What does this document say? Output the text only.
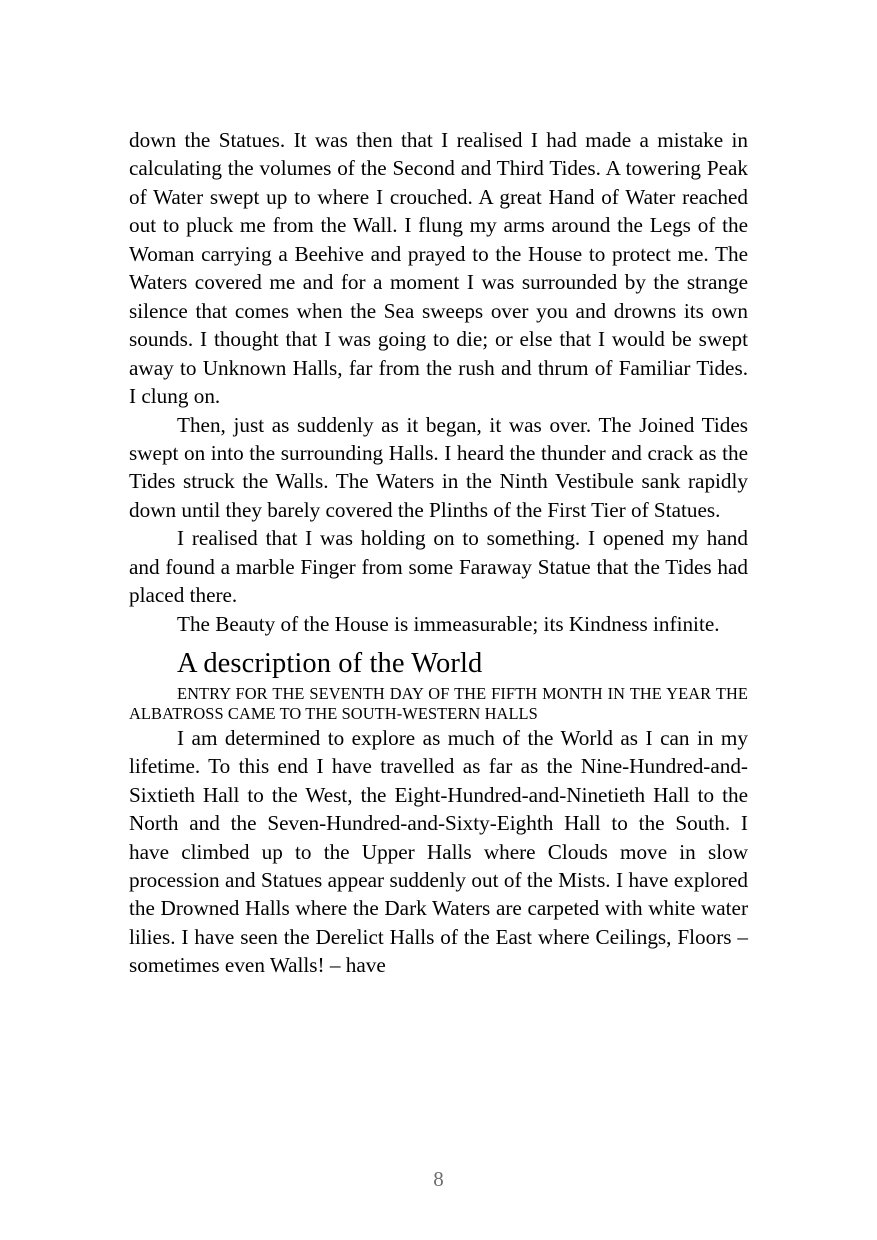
down the Statues. It was then that I realised I had made a mistake in calculating the volumes of the Second and Third Tides. A towering Peak of Water swept up to where I crouched. A great Hand of Water reached out to pluck me from the Wall. I flung my arms around the Legs of the Woman carrying a Beehive and prayed to the House to protect me. The Waters covered me and for a moment I was surrounded by the strange silence that comes when the Sea sweeps over you and drowns its own sounds. I thought that I was going to die; or else that I would be swept away to Unknown Halls, far from the rush and thrum of Familiar Tides. I clung on.

Then, just as suddenly as it began, it was over. The Joined Tides swept on into the surrounding Halls. I heard the thunder and crack as the Tides struck the Walls. The Waters in the Ninth Vestibule sank rapidly down until they barely covered the Plinths of the First Tier of Statues.

I realised that I was holding on to something. I opened my hand and found a marble Finger from some Faraway Statue that the Tides had placed there.

The Beauty of the House is immeasurable; its Kindness infinite.

A description of the World

ENTRY FOR THE SEVENTH DAY OF THE FIFTH MONTH IN THE YEAR THE ALBATROSS CAME TO THE SOUTH-WESTERN HALLS

I am determined to explore as much of the World as I can in my lifetime. To this end I have travelled as far as the Nine-Hundred-and-Sixtieth Hall to the West, the Eight-Hundred-and-Ninetieth Hall to the North and the Seven-Hundred-and-Sixty-Eighth Hall to the South. I have climbed up to the Upper Halls where Clouds move in slow procession and Statues appear suddenly out of the Mists. I have explored the Drowned Halls where the Dark Waters are carpeted with white water lilies. I have seen the Derelict Halls of the East where Ceilings, Floors – sometimes even Walls! – have

8
